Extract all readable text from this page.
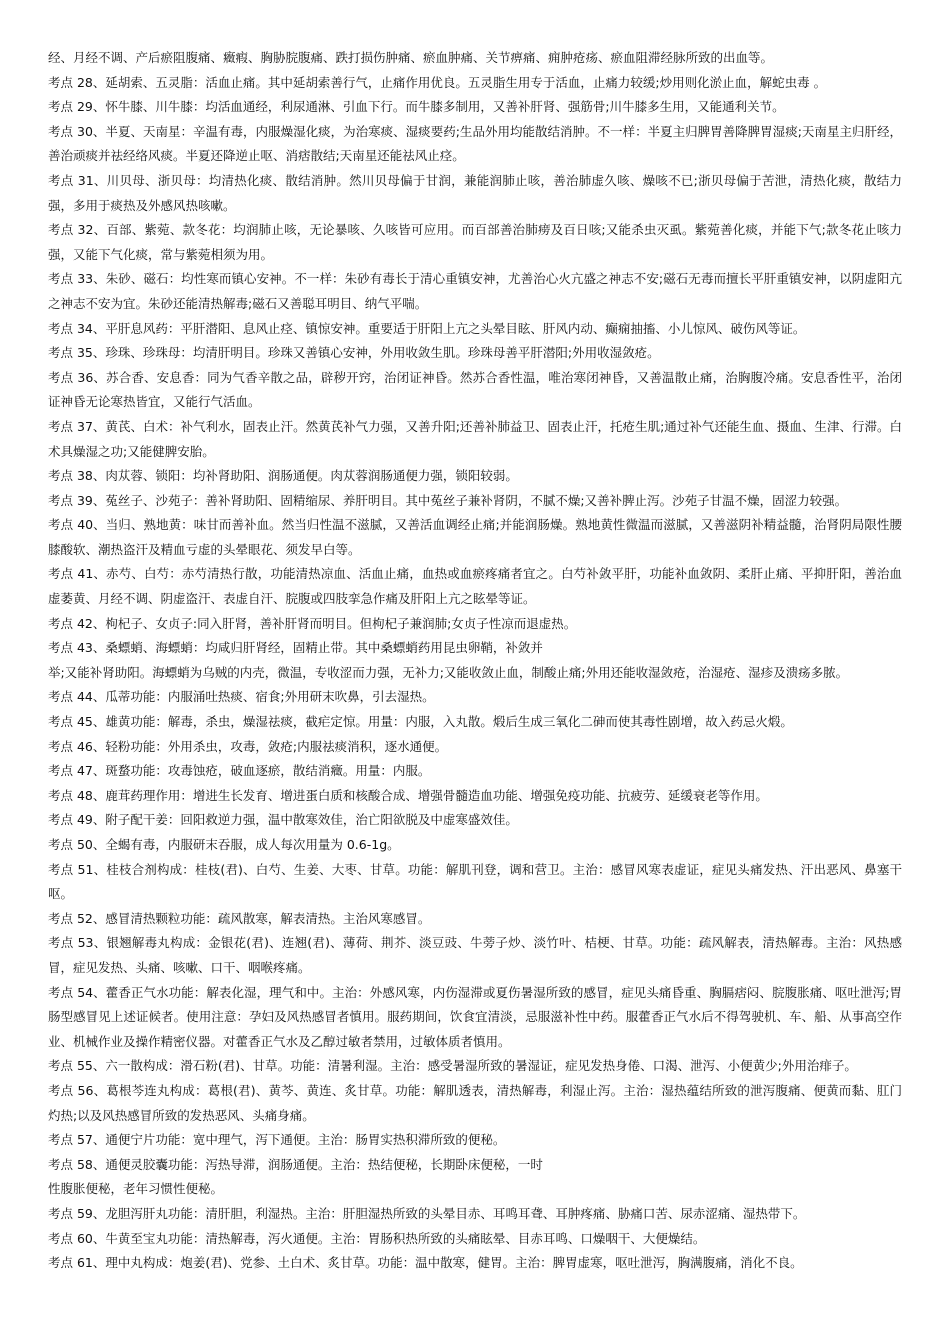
经、月经不调、产后瘀阻腹痛、癥瘕、胸胁脘腹痛、跌打损伤肿痛、瘀血肿痛、关节痹痛、痈肿疮疡、瘀血阻滞经脉所致的出血等。

考点 28、延胡索、五灵脂：活血止痛。其中延胡索善行气，止痛作用优良。五灵脂生用专于活血，止痛力较缓;炒用则化淤止血，解蛇虫毒 。

考点 29、怀牛膝、川牛膝：均活血通经，利尿通淋、引血下行。而牛膝多制用，又善补肝肾、强筋骨;川牛膝多生用，又能通利关节。

考点 30、半夏、天南星：辛温有毒，内服燥湿化痰，为治寒痰、湿痰要药;生品外用均能散结消肿。不一样：半夏主归脾胃善降脾胃湿痰;天南星主归肝经，善治顽痰并祛经络风痰。半夏还降逆止呕、消痞散结;天南星还能祛风止痉。

考点 31、川贝母、浙贝母：均清热化痰、散结消肿。然川贝母偏于甘润，兼能润肺止咳，善治肺虚久咳、燥咳不已;浙贝母偏于苦泄，清热化痰，散结力强，多用于痰热及外感风热咳嗽。

考点 32、百部、紫菀、款冬花：均润肺止咳，无论暴咳、久咳皆可应用。而百部善治肺痨及百日咳;又能杀虫灭虱。紫菀善化痰，并能下气;款冬花止咳力强，又能下气化痰，常与紫菀相须为用。

考点 33、朱砂、磁石：均性寒而镇心安神。不一样：朱砂有毒长于清心重镇安神，尤善治心火亢盛之神志不安;磁石无毒而擅长平肝重镇安神，以阴虚阳亢之神志不安为宜。朱砂还能清热解毒;磁石又善聪耳明目、纳气平喘。

考点 34、平肝息风药：平肝潜阳、息风止痉、镇惊安神。重要适于肝阳上亢之头晕目眩、肝风内动、癫痫抽搐、小儿惊风、破伤风等证。

考点 35、珍珠、珍珠母：均清肝明目。珍珠又善镇心安神，外用收敛生肌。珍珠母善平肝潜阳;外用收湿敛疮。

考点 36、苏合香、安息香：同为气香辛散之品，辟秽开窍，治闭证神昏。然苏合香性温，唯治寒闭神昏，又善温散止痛，治胸腹冷痛。安息香性平，治闭证神昏无论寒热皆宜，又能行气活血。

考点 37、黄芪、白术：补气利水，固表止汗。然黄芪补气力强，又善升阳;还善补肺益卫、固表止汗，托疮生肌;通过补气还能生血、摄血、生津、行滞。白术具燥湿之功;又能健脾安胎。

考点 38、肉苁蓉、锁阳：均补肾助阳、润肠通便。肉苁蓉润肠通便力强，锁阳较弱。

考点 39、菟丝子、沙苑子：善补肾助阳、固精缩尿、养肝明目。其中菟丝子兼补肾阴，不腻不燥;又善补脾止泻。沙苑子甘温不燥，固涩力较强。

考点 40、当归、熟地黄：味甘而善补血。然当归性温不滋腻，又善活血调经止痛;并能润肠燥。熟地黄性微温而滋腻，又善滋阴补精益髓，治肾阴局限性腰膝酸软、潮热盗汗及精血亏虚的头晕眼花、须发早白等。

考点 41、赤芍、白芍：赤芍清热行散，功能清热凉血、活血止痛，血热或血瘀疼痛者宜之。白芍补敛平肝，功能补血敛阴、柔肝止痛、平抑肝阳，善治血虚萎黄、月经不调、阴虚盗汗、表虚自汗、脘腹或四肢挛急作痛及肝阳上亢之眩晕等证。

考点 42、枸杞子、女贞子:同入肝肾，善补肝肾而明目。但枸杞子兼润肺;女贞子性凉而退虚热。

考点 43、桑螵蛸、海螵蛸：均咸归肝肾经，固精止带。其中桑螵蛸药用昆虫卵鞘，补敛并

举;又能补肾助阳。海螵蛸为乌贼的内壳，微温，专收涩而力强，无补力;又能收敛止血，制酸止痛;外用还能收湿敛疮，治湿疮、湿疹及溃疡多脓。

考点 44、瓜蒂功能：内服涌吐热痰、宿食;外用研末吹鼻，引去湿热。

考点 45、雄黄功能：解毒，杀虫，燥湿祛痰，截疟定惊。用量：内服，入丸散。煅后生成三氧化二砷而使其毒性剧增，故入药忌火煅。

考点 46、轻粉功能：外用杀虫，攻毒，敛疮;内服祛痰消积，逐水通便。

考点 47、斑蝥功能：攻毒蚀疮，破血逐瘀，散结消癥。用量：内服。

考点 48、鹿茸药理作用：增进生长发育、增进蛋白质和核酸合成、增强骨髓造血功能、增强免疫功能、抗疲劳、延缓衰老等作用。

考点 49、附子配干姜：回阳救逆力强，温中散寒效佳，治亡阳欲脱及中虚寒盛效佳。

考点 50、全蝎有毒，内服研末吞服，成人每次用量为 0.6-1g。

考点 51、桂枝合剂构成：桂枝(君)、白芍、生姜、大枣、甘草。功能：解肌刊登，调和营卫。主治：感冒风寒表虚证，症见头痛发热、汗出恶风、鼻塞干呕。

考点 52、感冒清热颗粒功能：疏风散寒，解表清热。主治风寒感冒。

考点 53、银翘解毒丸构成：金银花(君)、连翘(君)、薄荷、荆芥、淡豆豉、牛蒡子炒、淡竹叶、桔梗、甘草。功能：疏风解表，清热解毒。主治：风热感冒，症见发热、头痛、咳嗽、口干、咽喉疼痛。

考点 54、藿香正气水功能：解表化湿，理气和中。主治：外感风寒，内伤湿滞或夏伤暑湿所致的感冒，症见头痛昏重、胸膈痞闷、脘腹胀痛、呕吐泄泻;胃肠型感冒见上述证候者。使用注意：孕妇及风热感冒者慎用。服药期间，饮食宜清淡，忌服滋补性中药。服藿香正气水后不得驾驶机、车、船、从事高空作业、机械作业及操作精密仪器。对藿香正气水及乙醇过敏者禁用，过敏体质者慎用。

考点 55、六一散构成：滑石粉(君)、甘草。功能：清暑利湿。主治：感受暑湿所致的暑湿证，症见发热身倦、口渴、泄泻、小便黄少;外用治痱子。

考点 56、葛根芩连丸构成：葛根(君)、黄芩、黄连、炙甘草。功能：解肌透表，清热解毒，利湿止泻。主治：湿热蕴结所致的泄泻腹痛、便黄而黏、肛门灼热;以及风热感冒所致的发热恶风、头痛身痛。

考点 57、通便宁片功能：宽中理气，泻下通便。主治：肠胃实热积滞所致的便秘。

考点 58、通便灵胶囊功能：泻热导滞，润肠通便。主治：热结便秘，长期卧床便秘，一时

性腹胀便秘，老年习惯性便秘。

考点 59、龙胆泻肝丸功能：清肝胆，利湿热。主治：肝胆湿热所致的头晕目赤、耳鸣耳聋、耳肿疼痛、胁痛口苦、尿赤涩痛、湿热带下。

考点 60、牛黄至宝丸功能：清热解毒，泻火通便。主治：胃肠积热所致的头痛眩晕、目赤耳鸣、口燥咽干、大便燥结。

考点 61、理中丸构成：炮姜(君)、党参、土白术、炙甘草。功能：温中散寒，健胃。主治：脾胃虚寒，呕吐泄泻，胸满腹痛，消化不良。
